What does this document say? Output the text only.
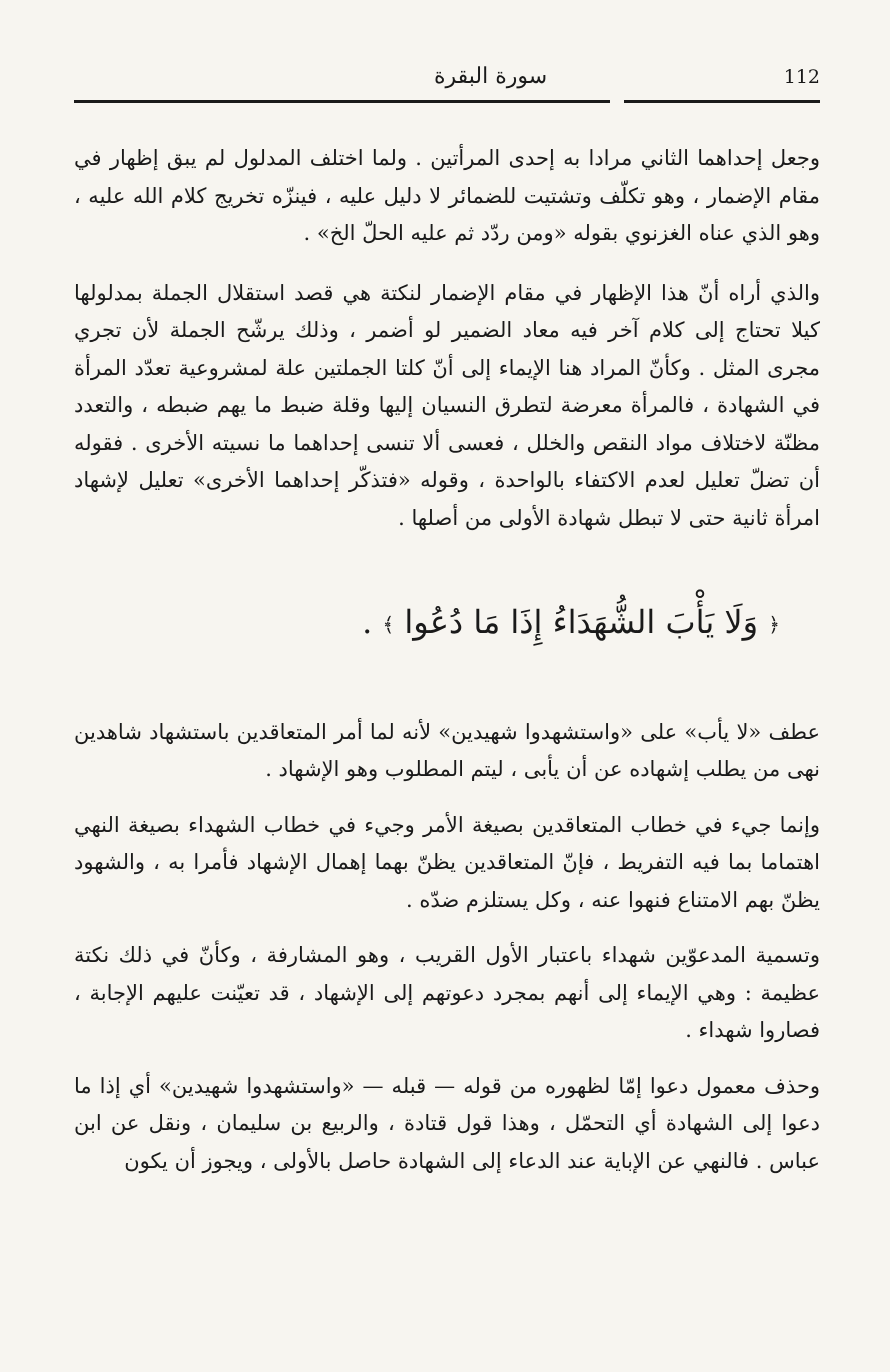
112
سورة البقرة

وجعل إحداهما الثاني مرادا به إحدى المرأتين . ولما اختلف المدلول لم يبق إظهار في مقام الإضمار ، وهو تكلّف وتشتيت للضمائر لا دليل عليه ، فينزّه تخريج كلام الله عليه ، وهو الذي عناه الغزنوي بقوله «ومن ردّد ثم عليه الحلّ الخ» .

والذي أراه أنّ هذا الإظهار في مقام الإضمار لنكتة هي قصد استقلال الجملة بمدلولها كيلا تحتاج إلى كلام آخر فيه معاد الضمير لو أضمر ، وذلك يرشّح الجملة لأن تجري مجرى المثل . وكأنّ المراد هنا الإيماء إلى أنّ كلتا الجملتين علة لمشروعية تعدّد المرأة في الشهادة ، فالمرأة معرضة لتطرق النسيان إليها وقلة ضبط ما يهم ضبطه ، والتعدد مظنّة لاختلاف مواد النقص والخلل ، فعسى ألا تنسى إحداهما ما نسيته الأخرى . فقوله أن تضلّ تعليل لعدم الاكتفاء بالواحدة ، وقوله «فتذكّر إحداهما الأخرى» تعليل لإشهاد امرأة ثانية حتى لا تبطل شهادة الأولى من أصلها .

﴿ وَلَا يَأْبَ الشُّهَدَاءُ إِذَا مَا دُعُوا ﴾ .

عطف «لا يأب» على «واستشهدوا شهيدين» لأنه لما أمر المتعاقدين باستشهاد شاهدين نهى من يطلب إشهاده عن أن يأبى ، ليتم المطلوب وهو الإشهاد .

وإنما جيء في خطاب المتعاقدين بصيغة الأمر وجيء في خطاب الشهداء بصيغة النهي اهتماما بما فيه التفريط ، فإنّ المتعاقدين يظنّ بهما إهمال الإشهاد فأمرا به ، والشهود يظنّ بهم الامتناع فنهوا عنه ، وكل يستلزم ضدّه .

وتسمية المدعوّين شهداء باعتبار الأول القريب ، وهو المشارفة ، وكأنّ في ذلك نكتة عظيمة : وهي الإيماء إلى أنهم بمجرد دعوتهم إلى الإشهاد ، قد تعيّنت عليهم الإجابة ، فصاروا شهداء .

وحذف معمول دعوا إمّا لظهوره من قوله — قبله — «واستشهدوا شهيدين» أي إذا ما دعوا إلى الشهادة أي التحمّل ، وهذا قول قتادة ، والربيع بن سليمان ، ونقل عن ابن عباس . فالنهي عن الإباية عند الدعاء إلى الشهادة حاصل بالأولى ، ويجوز أن يكون
